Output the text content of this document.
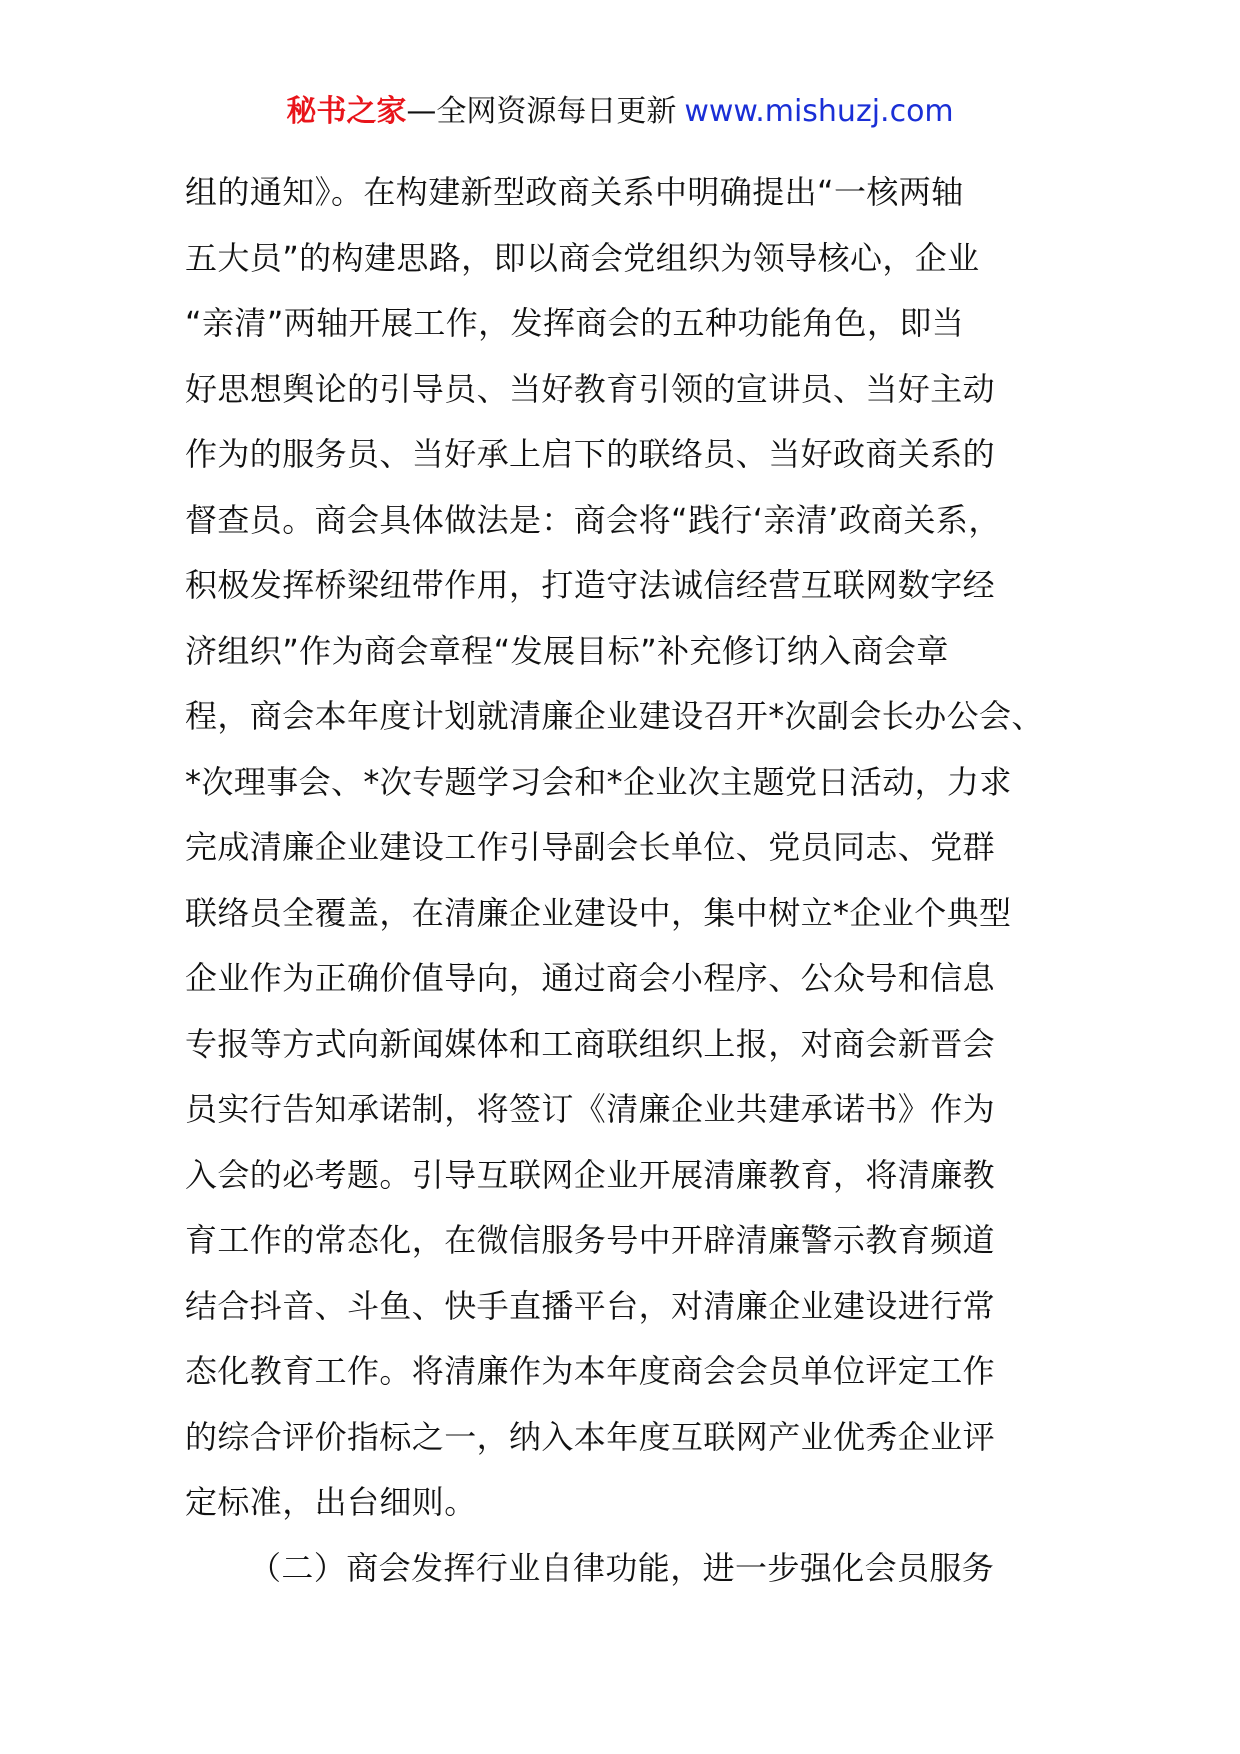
秘书之家—全网资源每日更新 www.mishuzj.com
组的通知》。在构建新型政商关系中明确提出“一核两轴
五大员”的构建思路，即以商会党组织为领导核心，企业
“亲清”两轴开展工作，发挥商会的五种功能角色，即当
好思想舆论的引导员、当好教育引领的宣讲员、当好主动
作为的服务员、当好承上启下的联络员、当好政商关系的
督查员。商会具体做法是：商会将“践行‘亲清’政商关系，
积极发挥桥梁纽带作用，打造守法诚信经营互联网数字经
济组织”作为商会章程“发展目标”补充修订纳入商会章
程，商会本年度计划就清廉企业建设召开*次副会长办公会、
*次理事会、*次专题学习会和*企业次主题党日活动，力求
完成清廉企业建设工作引导副会长单位、党员同志、党群
联络员全覆盖，在清廉企业建设中，集中树立*企业个典型
企业作为正确价值导向，通过商会小程序、公众号和信息
专报等方式向新闻媒体和工商联组织上报，对商会新晋会
员实行告知承诺制，将签订《清廉企业共建承诺书》作为
入会的必考题。引导互联网企业开展清廉教育，将清廉教
育工作的常态化，在微信服务号中开辟清廉警示教育频道
结合抖音、斗鱼、快手直播平台，对清廉企业建设进行常
态化教育工作。将清廉作为本年度商会会员单位评定工作
的综合评价指标之一，纳入本年度互联网产业优秀企业评
定标准，出台细则。
（二）商会发挥行业自律功能，进一步强化会员服务
